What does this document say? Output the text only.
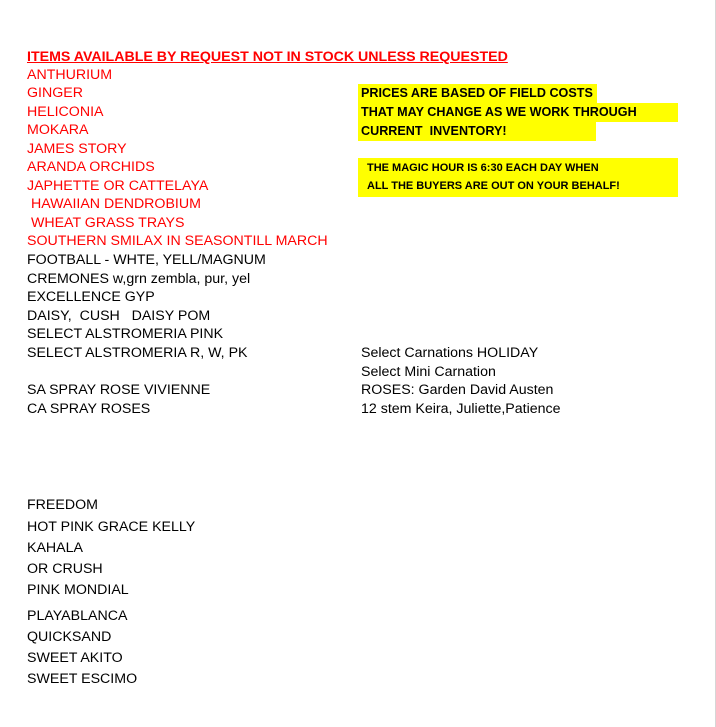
ITEMS AVAILABLE BY REQUEST NOT IN STOCK UNLESS REQUESTED
ANTHURIUM
GINGER
HELICONIA
MOKARA
JAMES STORY
ARANDA ORCHIDS
JAPHETTE OR CATTELAYA
HAWAIIAN DENDROBIUM
WHEAT GRASS TRAYS
SOUTHERN SMILAX IN SEASONTILL MARCH
FOOTBALL - WHTE, YELL/MAGNUM
CREMONES w,grn zembla, pur, yel
EXCELLENCE GYP
DAISY,  CUSH   DAISY POM
SELECT ALSTROMERIA PINK
SELECT ALSTROMERIA R, W, PK
SA SPRAY ROSE VIVIENNE
CA SPRAY ROSES
PRICES ARE BASED OF FIELD COSTS
THAT MAY CHANGE AS WE WORK THROUGH
CURRENT  INVENTORY!
THE MAGIC HOUR IS 6:30 EACH DAY WHEN
ALL THE BUYERS ARE OUT ON YOUR BEHALF!
Select Carnations HOLIDAY
Select Mini Carnation
ROSES: Garden David Austen
12 stem Keira, Juliette,Patience
FREEDOM
HOT PINK GRACE KELLY
KAHALA
OR CRUSH
PINK MONDIAL
PLAYABLANCA
QUICKSAND
SWEET AKITO
SWEET ESCIMO
